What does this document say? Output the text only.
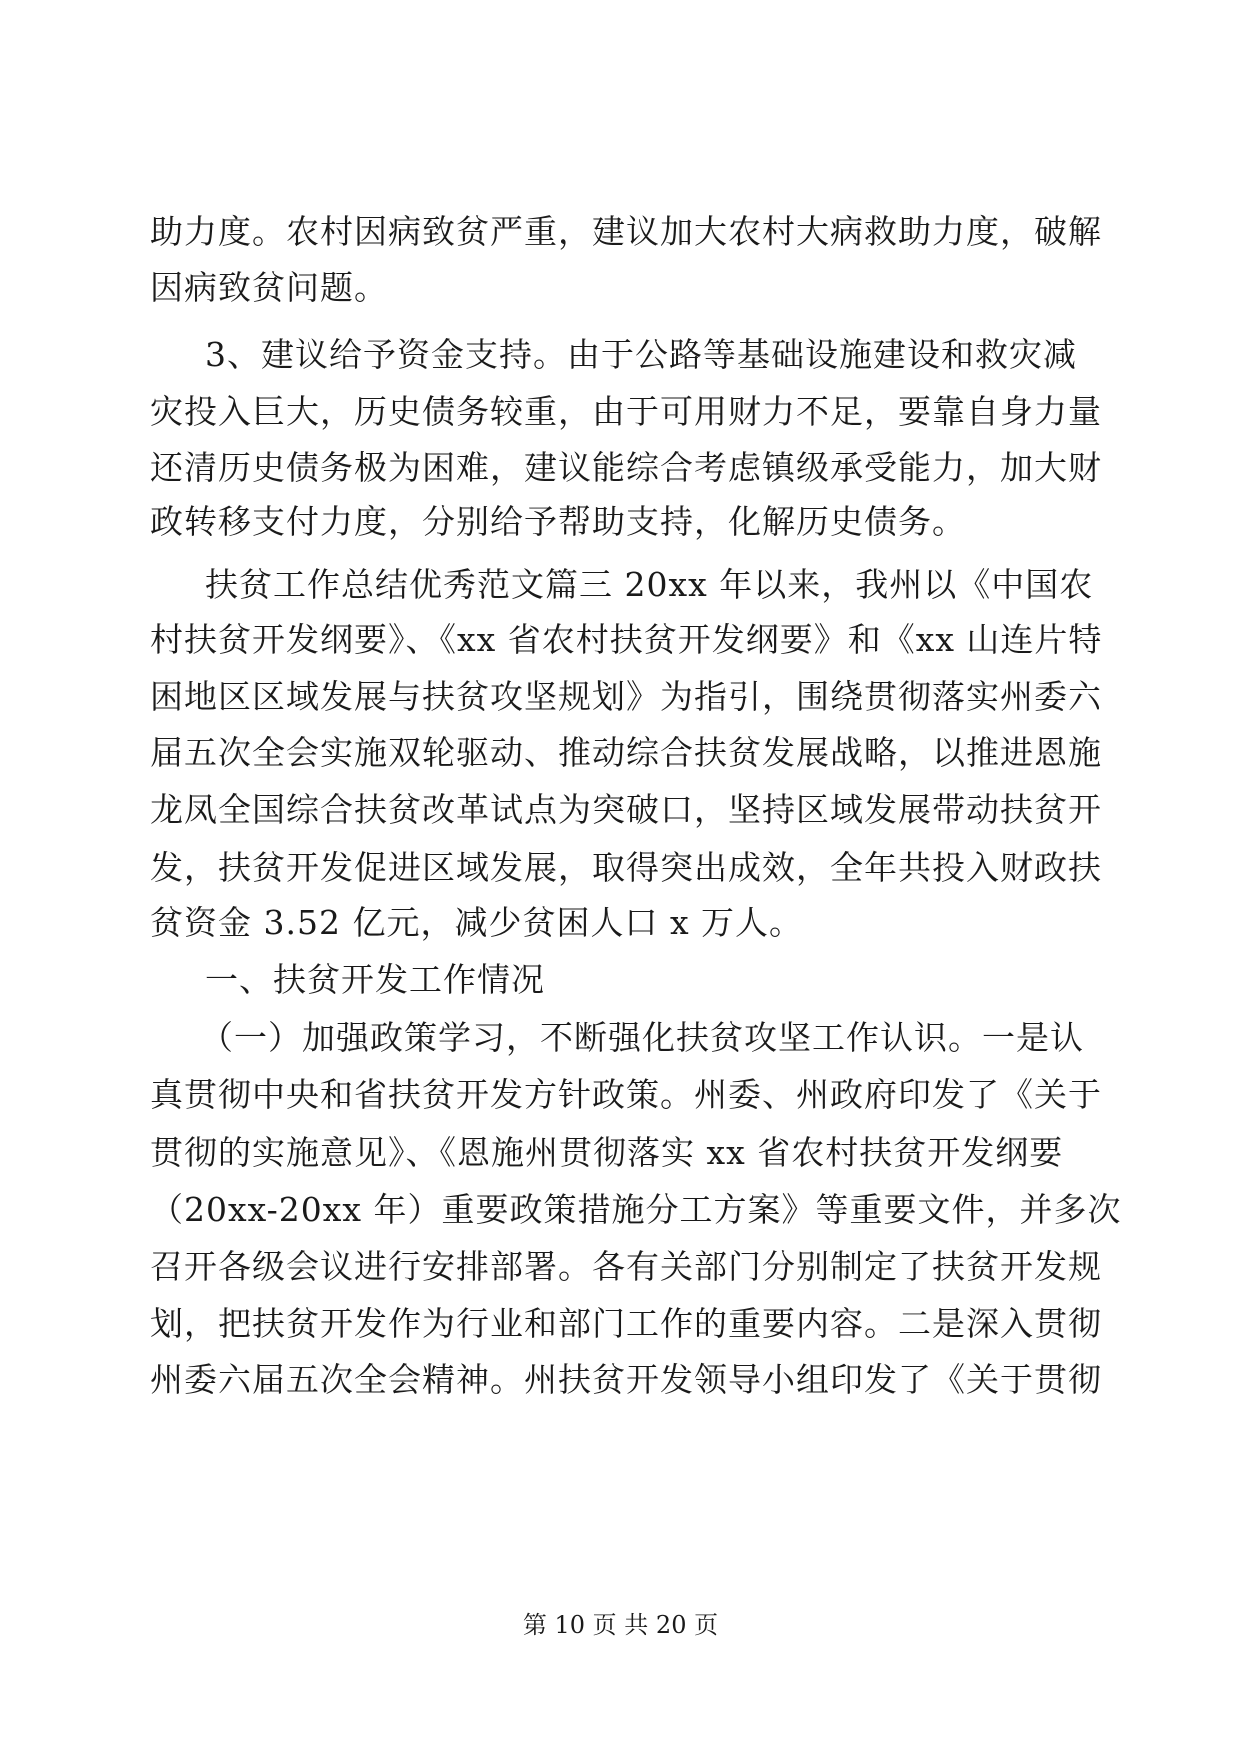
助力度。农村因病致贫严重，建议加大农村大病救助力度，破解
因病致贫问题。
3、建议给予资金支持。由于公路等基础设施建设和救灾减
灾投入巨大，历史债务较重，由于可用财力不足，要靠自身力量
还清历史债务极为困难，建议能综合考虑镇级承受能力，加大财
政转移支付力度，分别给予帮助支持，化解历史债务。
扶贫工作总结优秀范文篇三 20xx 年以来，我州以《中国农
村扶贫开发纲要》、《xx 省农村扶贫开发纲要》和《xx 山连片特
困地区区域发展与扶贫攻坚规划》为指引，围绕贯彻落实州委六
届五次全会实施双轮驱动、推动综合扶贫发展战略，以推进恩施
龙凤全国综合扶贫改革试点为突破口，坚持区域发展带动扶贫开
发，扶贫开发促进区域发展，取得突出成效，全年共投入财政扶
贫资金 3.52 亿元，减少贫困人口 x 万人。
一、扶贫开发工作情况
（一）加强政策学习，不断强化扶贫攻坚工作认识。一是认
真贯彻中央和省扶贫开发方针政策。州委、州政府印发了《关于
贯彻的实施意见》、《恩施州贯彻落实 xx 省农村扶贫开发纲要
（20xx-20xx 年）重要政策措施分工方案》等重要文件，并多次
召开各级会议进行安排部署。各有关部门分别制定了扶贫开发规
划，把扶贫开发作为行业和部门工作的重要内容。二是深入贯彻
州委六届五次全会精神。州扶贫开发领导小组印发了《关于贯彻
第 10 页 共 20 页
